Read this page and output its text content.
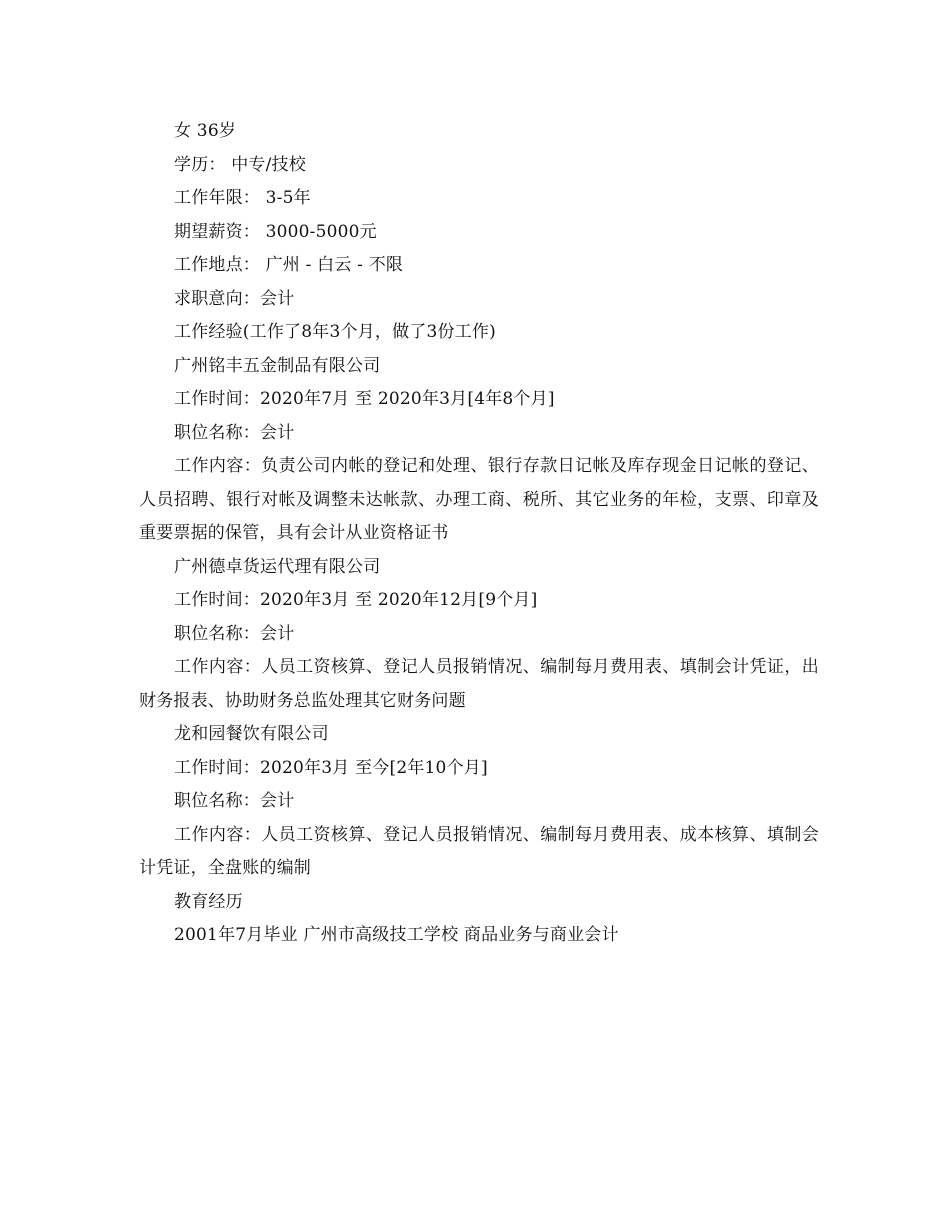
女 36岁
学历： 中专/技校
工作年限： 3-5年
期望薪资： 3000-5000元
工作地点： 广州 - 白云 - 不限
求职意向：会计
工作经验(工作了8年3个月，做了3份工作)
广州铭丰五金制品有限公司
工作时间：2020年7月 至 2020年3月[4年8个月]
职位名称：会计
工作内容：负责公司内帐的登记和处理、银行存款日记帐及库存现金日记帐的登记、人员招聘、银行对帐及调整未达帐款、办理工商、税所、其它业务的年检，支票、印章及重要票据的保管，具有会计从业资格证书
广州德卓货运代理有限公司
工作时间：2020年3月 至 2020年12月[9个月]
职位名称：会计
工作内容：人员工资核算、登记人员报销情况、编制每月费用表、填制会计凭证，出财务报表、协助财务总监处理其它财务问题
龙和园餐饮有限公司
工作时间：2020年3月 至今[2年10个月]
职位名称：会计
工作内容：人员工资核算、登记人员报销情况、编制每月费用表、成本核算、填制会计凭证，全盘账的编制
教育经历
2001年7月毕业 广州市高级技工学校 商品业务与商业会计
